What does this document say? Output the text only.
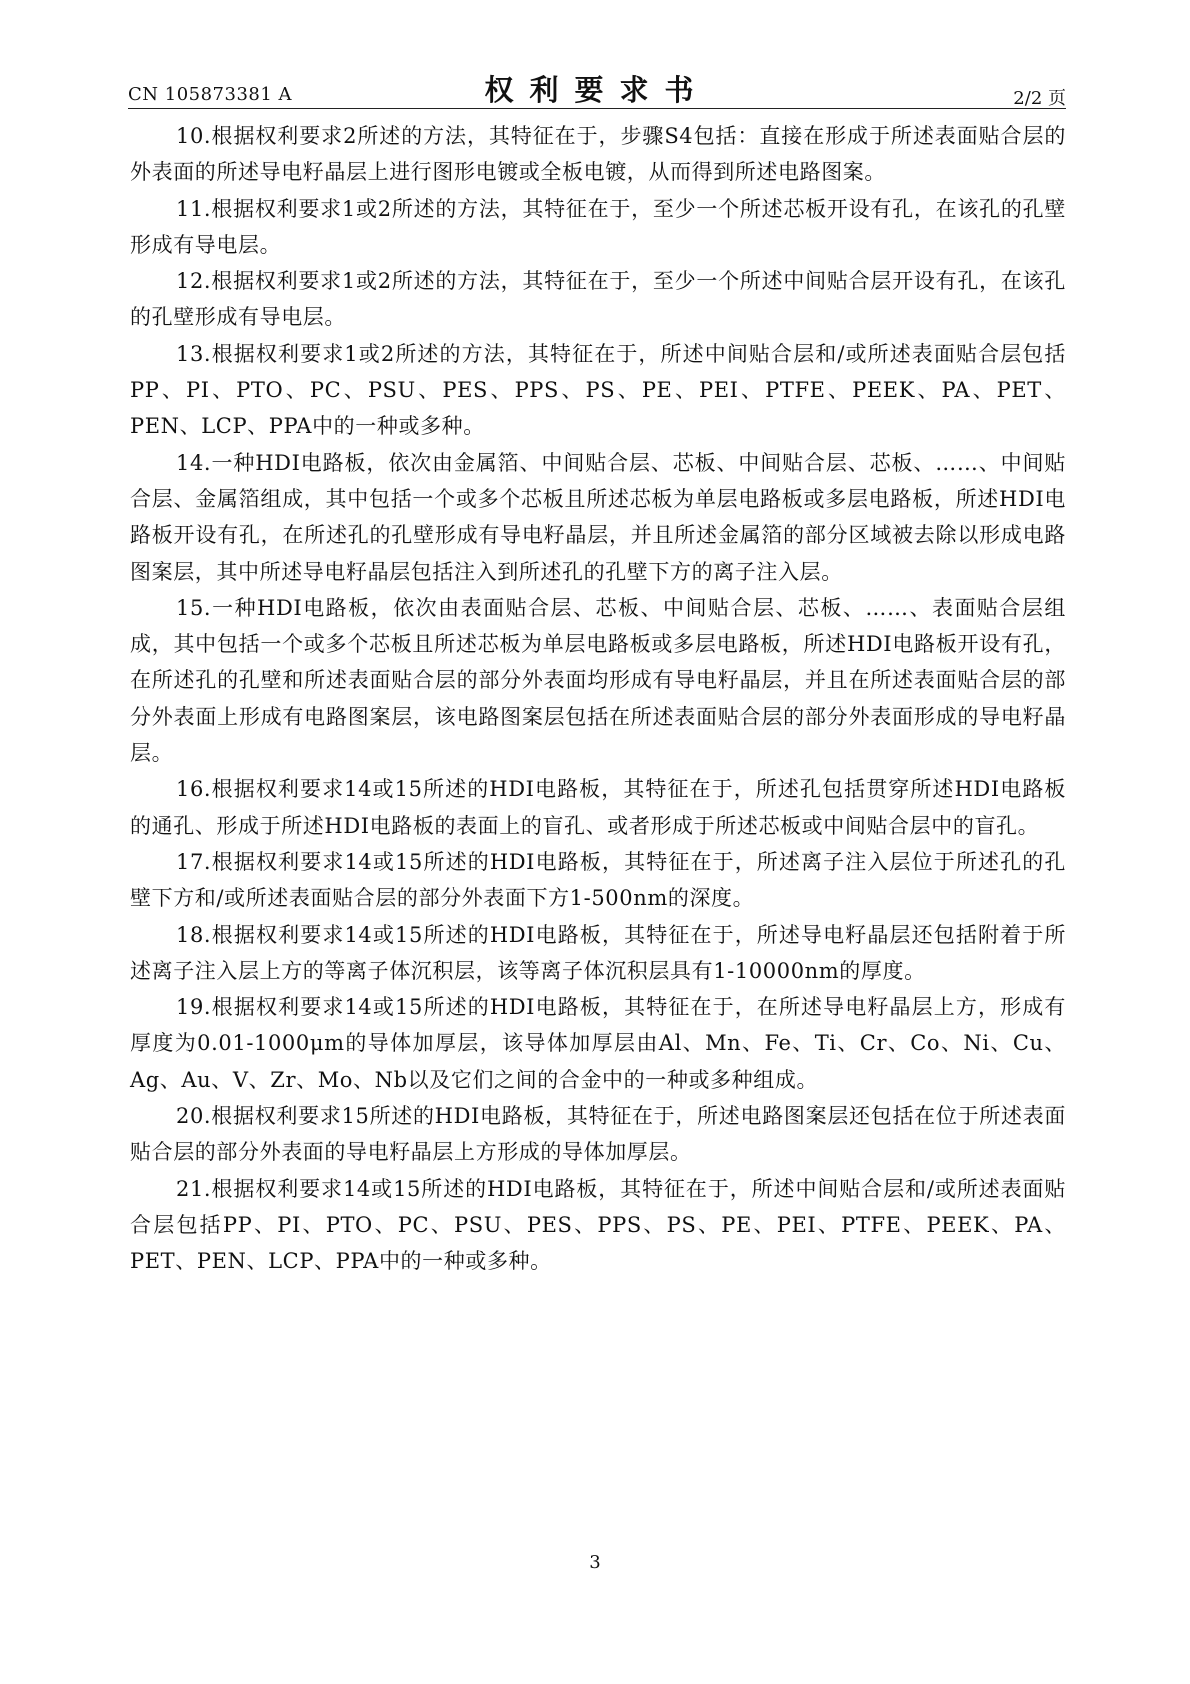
CN 105873381 A	权利要求书	2/2 页

10.根据权利要求2所述的方法，其特征在于，步骤S4包括：直接在形成于所述表面贴合层的外表面的所述导电籽晶层上进行图形电镀或全板电镀，从而得到所述电路图案。

11.根据权利要求1或2所述的方法，其特征在于，至少一个所述芯板开设有孔，在该孔的孔壁形成有导电层。

12.根据权利要求1或2所述的方法，其特征在于，至少一个所述中间贴合层开设有孔，在该孔的孔壁形成有导电层。

13.根据权利要求1或2所述的方法，其特征在于，所述中间贴合层和/或所述表面贴合层包括PP、PI、PTO、PC、PSU、PES、PPS、PS、PE、PEI、PTFE、PEEK、PA、PET、PEN、LCP、PPA中的一种或多种。

14.一种HDI电路板，依次由金属箔、中间贴合层、芯板、中间贴合层、芯板、……、中间贴合层、金属箔组成，其中包括一个或多个芯板且所述芯板为单层电路板或多层电路板，所述HDI电路板开设有孔，在所述孔的孔壁形成有导电籽晶层，并且所述金属箔的部分区域被去除以形成电路图案层，其中所述导电籽晶层包括注入到所述孔的孔壁下方的离子注入层。

15.一种HDI电路板，依次由表面贴合层、芯板、中间贴合层、芯板、……、表面贴合层组成，其中包括一个或多个芯板且所述芯板为单层电路板或多层电路板，所述HDI电路板开设有孔，在所述孔的孔壁和所述表面贴合层的部分外表面均形成有导电籽晶层，并且在所述表面贴合层的部分外表面上形成有电路图案层，该电路图案层包括在所述表面贴合层的部分外表面形成的导电籽晶层。

16.根据权利要求14或15所述的HDI电路板，其特征在于，所述孔包括贯穿所述HDI电路板的通孔、形成于所述HDI电路板的表面上的盲孔、或者形成于所述芯板或中间贴合层中的盲孔。

17.根据权利要求14或15所述的HDI电路板，其特征在于，所述离子注入层位于所述孔的孔壁下方和/或所述表面贴合层的部分外表面下方1-500nm的深度。

18.根据权利要求14或15所述的HDI电路板，其特征在于，所述导电籽晶层还包括附着于所述离子注入层上方的等离子体沉积层，该等离子体沉积层具有1-10000nm的厚度。

19.根据权利要求14或15所述的HDI电路板，其特征在于，在所述导电籽晶层上方，形成有厚度为0.01-1000μm的导体加厚层，该导体加厚层由Al、Mn、Fe、Ti、Cr、Co、Ni、Cu、Ag、Au、V、Zr、Mo、Nb以及它们之间的合金中的一种或多种组成。

20.根据权利要求15所述的HDI电路板，其特征在于，所述电路图案层还包括在位于所述表面贴合层的部分外表面的导电籽晶层上方形成的导体加厚层。

21.根据权利要求14或15所述的HDI电路板，其特征在于，所述中间贴合层和/或所述表面贴合层包括PP、PI、PTO、PC、PSU、PES、PPS、PS、PE、PEI、PTFE、PEEK、PA、PET、PEN、LCP、PPA中的一种或多种。

3
